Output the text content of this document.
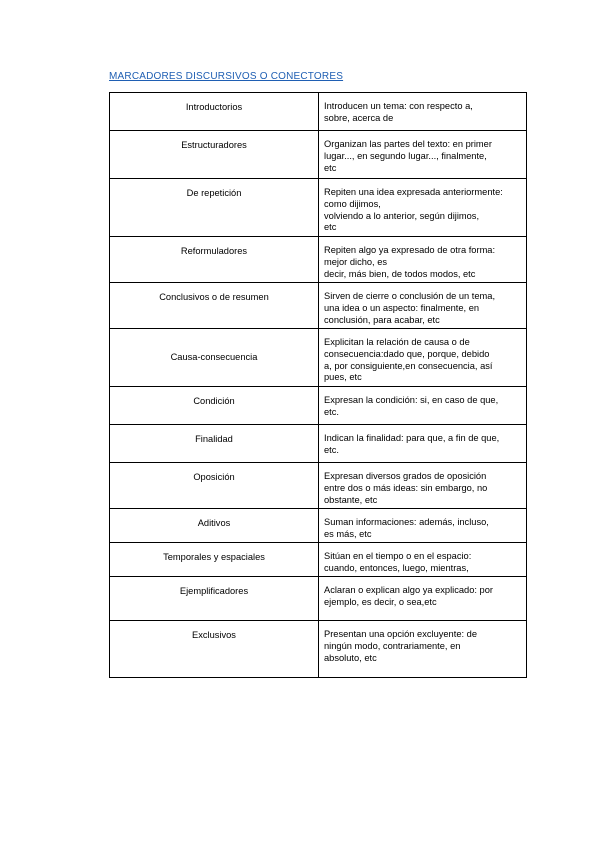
MARCADORES DISCURSIVOS O CONECTORES
Introductorios	Introducen un tema: con respecto a,
sobre, acerca de
Estructuradores	Organizan las partes del texto: en primer
lugar..., en segundo lugar..., finalmente,
etc
De repetición	Repiten una idea expresada anteriormente:
como dijimos,
volviendo a lo anterior, según dijimos,
etc
Reformuladores	Repiten algo ya expresado de otra forma:
mejor dicho, es
decir, más bien, de todos modos, etc
Conclusivos o de resumen	Sirven de cierre o conclusión de un tema,
una idea o un aspecto: finalmente, en
conclusión, para acabar, etc
Causa-consecuencia	Explicitan la relación de causa o de
consecuencia:dado que, porque, debido
a, por consiguiente,en consecuencia, así
pues, etc
Condición	Expresan la condición: si, en caso de que,
etc.
Finalidad	Indican la finalidad: para que, a fin de que,
etc.
Oposición	Expresan diversos grados de oposición
entre dos o más ideas: sin embargo, no
obstante, etc
Aditivos	Suman informaciones: además, incluso,
es más, etc
Temporales y espaciales	Sitúan en el tiempo o en el espacio:
cuando, entonces, luego, mientras,
Ejemplificadores	Aclaran o explican algo ya explicado: por
ejemplo, es decir, o sea,etc
Exclusivos	Presentan una opción excluyente: de
ningún modo, contrariamente, en
absoluto, etc
